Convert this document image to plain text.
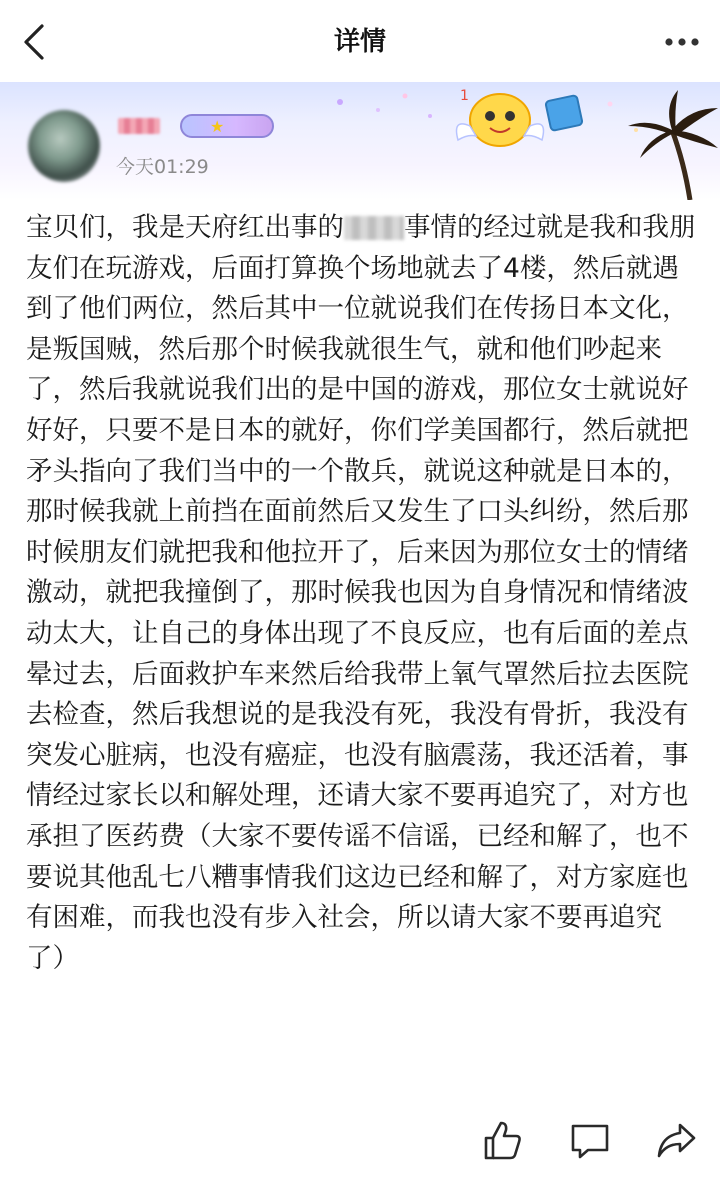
详情
1
★
今天01:29
宝贝们，我是天府红出事的 事情的经过就是我和我朋友们在玩游戏，后面打算换个场地就去了4楼，然后就遇到了他们两位，然后其中一位就说我们在传扬日本文化，是叛国贼，然后那个时候我就很生气，就和他们吵起来了，然后我就说我们出的是中国的游戏，那位女士就说好好好，只要不是日本的就好，你们学美国都行，然后就把矛头指向了我们当中的一个散兵，就说这种就是日本的，那时候我就上前挡在面前然后又发生了口头纠纷，然后那时候朋友们就把我和他拉开了，后来因为那位女士的情绪激动，就把我撞倒了，那时候我也因为自身情况和情绪波动太大，让自己的身体出现了不良反应，也有后面的差点晕过去，后面救护车来然后给我带上氧气罩然后拉去医院去检查，然后我想说的是我没有死，我没有骨折，我没有突发心脏病，也没有癌症，也没有脑震荡，我还活着，事情经过家长以和解处理，还请大家不要再追究了，对方也承担了医药费（大家不要传谣不信谣，已经和解了，也不要说其他乱七八糟事情我们这边已经和解了，对方家庭也有困难，而我也没有步入社会，所以请大家不要再追究了）
